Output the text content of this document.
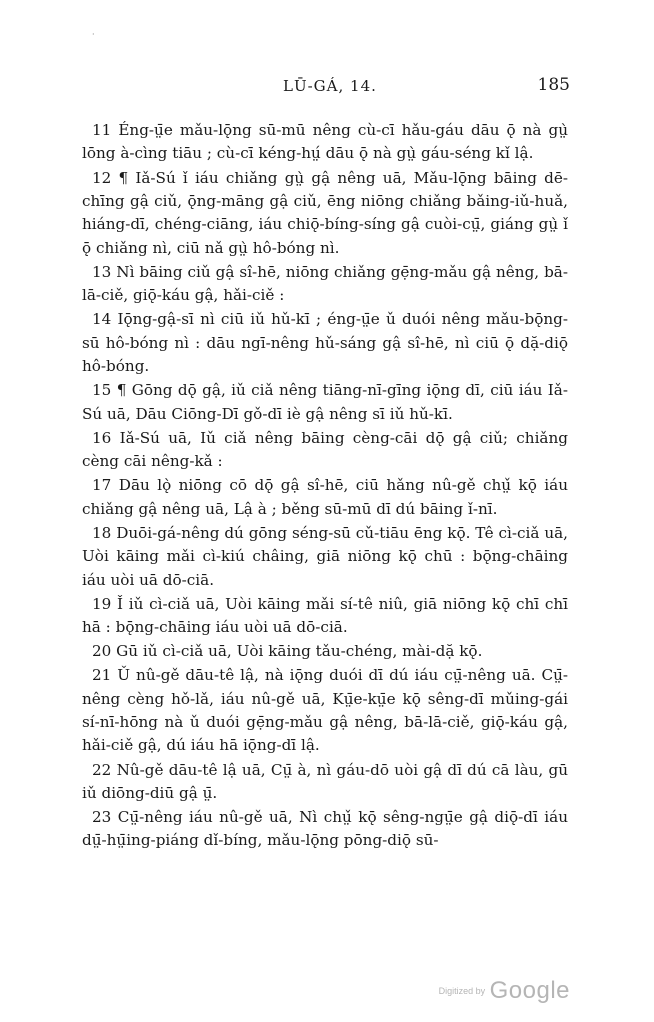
·
LŪ-GÁ, 14.	185

11 Éng-ṳ̄e mǎu-lǭng sū-mū nêng cù-cī hǎu-gáu dāu ǭ nà gṳ̀ lōng à-cìng tiāu ; cù-cī kéng-hṳ́ dāu ǭ nà gṳ̀ gáu-séng kǐ lậ.

12 ¶ Iǎ-Sú ǐ iáu chiǎng gṳ̀ gậ nêng uā, Mǎu-lǭng bāing dē-chīng gậ ciǔ, ǭng-māng gậ ciǔ, ēng niōng chiǎng bǎing-iǔ-huǎ, hiáng-dī, chéng-ciāng, iáu chiǭ-bíng-síng gậ cuòi-cṳ̄, giáng gṳ̀ ǐ ǭ chiǎng nì, ciū nǎ gṳ̀ hô-bóng nì.

13 Nì bāing ciǔ gậ sî-hē, niōng chiǎng gẹ̄ng-mǎu gậ nêng, bā-lā-ciě, giǭ-káu gậ, hǎi-ciě :

14 Iǭng-gậ-sī nì ciū iǔ hǔ-kī ; éng-ṳ̄e ǔ duói nêng mǎu-bǭng-sū hô-bóng nì : dāu ngī-nêng hǔ-sáng gậ sî-hē, nì ciū ǭ dặ-diǭ hô-bóng.

15 ¶ Gōng dǭ gậ, iǔ ciǎ nêng tiāng-nī-gīng iǭng dī, ciū iáu Iǎ-Sú uā, Dāu Ciōng-Dī gǒ-dī iè gậ nêng sī iǔ hǔ-kī.

16 Iǎ-Sú uā, Iǔ ciǎ nêng bāing cèng-cāi dǭ gậ ciǔ; chiǎng cèng cāi nêng-kǎ :

17 Dāu lǫ̀ niōng cō dǭ gậ sî-hē, ciū hǎng nû-gě chṳ̌ kǭ iáu chiǎng gậ nêng uā, Lậ à ; běng sū-mū dī dú bāing ǐ-nī.

18 Duōi-gá-nêng dú gōng séng-sū cǔ-tiāu ēng kǭ. Tê cì-ciǎ uā, Uòi kāing mǎi cì-kiú châing, giā niōng kǭ chū : bǭng-chāing iáu uòi uā dō-ciā.

19 Ǐ iǔ cì-ciǎ uā, Uòi kāing mǎi sí-tê niû, giā niōng kǭ chī chī hā : bǭng-chāing iáu uòi uā dō-ciā.

20 Gū iǔ cì-ciǎ uā, Uòi kāing tǎu-chéng, mài-dặ kǭ.

21 Ǔ nû-gě dāu-tê lậ, nà iǭng duói dī dú iáu cṳ̄-nêng uā. Cṳ̄-nêng cèng hǒ-lǎ, iáu nû-gě uā, Kṳ̄e-kṳ̄e kǭ sêng-dī mǔing-gái sí-nī-hōng nà ǔ duói gẹ̄ng-mǎu gậ nêng, bā-lā-ciě, giǭ-káu gậ, hǎi-ciě gậ, dú iáu hā iǭng-dī lậ.

22 Nû-gě dāu-tê lậ uā, Cṳ̄ à, nì gáu-dō uòi gậ dī dú cā làu, gū iǔ diōng-diū gậ ṳ̄.

23 Cṳ̄-nêng iáu nû-gě uā, Nì chṳ̌ kǭ sêng-ngṳ̄e gậ diǭ-dī iáu dṳ̄-hṳ̄ing-piáng dǐ-bíng, mǎu-lǭng pōng-diǭ sū-

Digitized by Google
